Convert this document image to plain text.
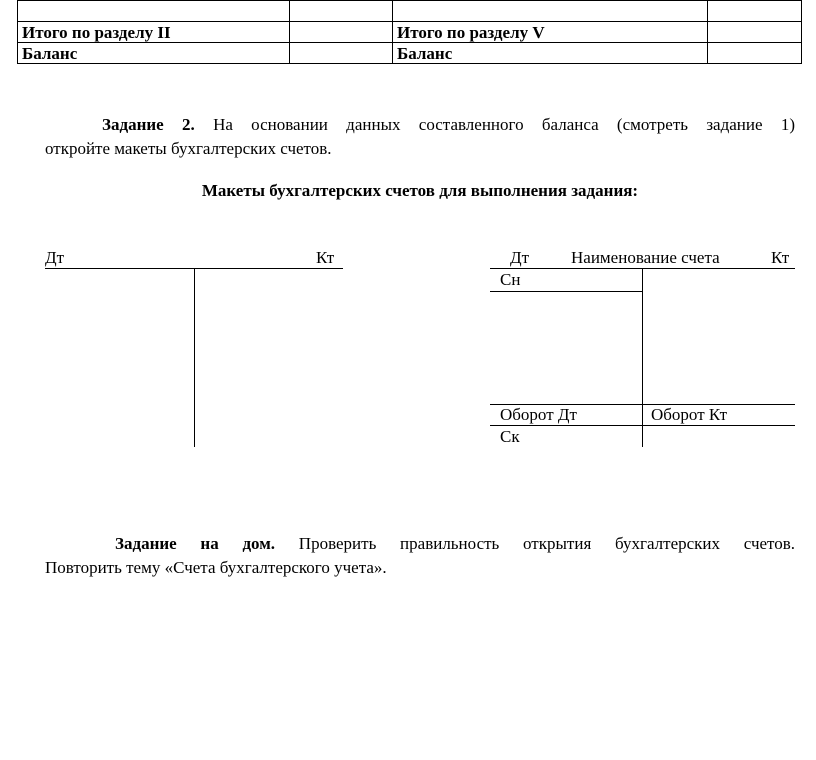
Итого по разделу II		Итого по разделу V	
Баланс		Баланс	
Задание 2. На основании данных составленного баланса (смотреть задание 1)
откройте макеты бухгалтерских счетов.
Макеты бухгалтерских счетов для выполнения задания:
Дт	Кт	Дт Наименование счета	Кт
Сн
Оборот Дт	Оборот Кт
Ск
Задание на дом. Проверить правильность открытия бухгалтерских счетов.
Повторить тему «Счета бухгалтерского учета».
